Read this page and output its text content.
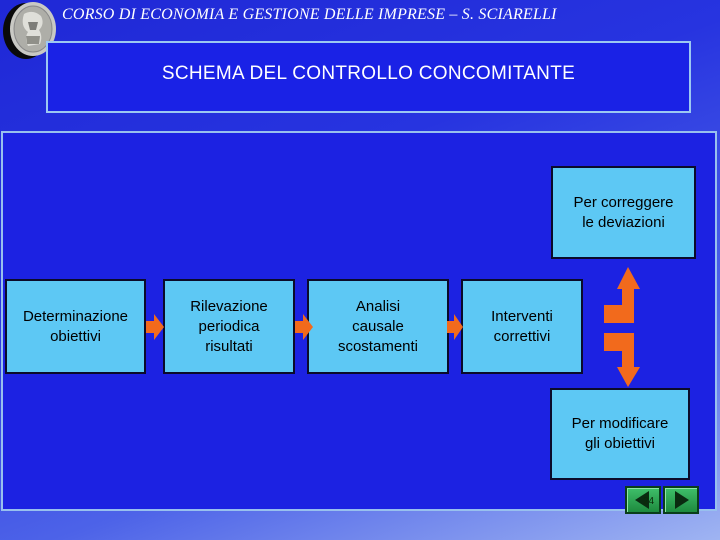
CORSO DI ECONOMIA E GESTIONE DELLE IMPRESE – S. SCIARELLI
SCHEMA DEL CONTROLLO CONCOMITANTE
Determinazione
obiettivi
Rilevazione
periodica
risultati
Analisi
causale
scostamenti
Interventi
correttivi
Per correggere
le deviazioni
Per modificare
gli obiettivi
24
